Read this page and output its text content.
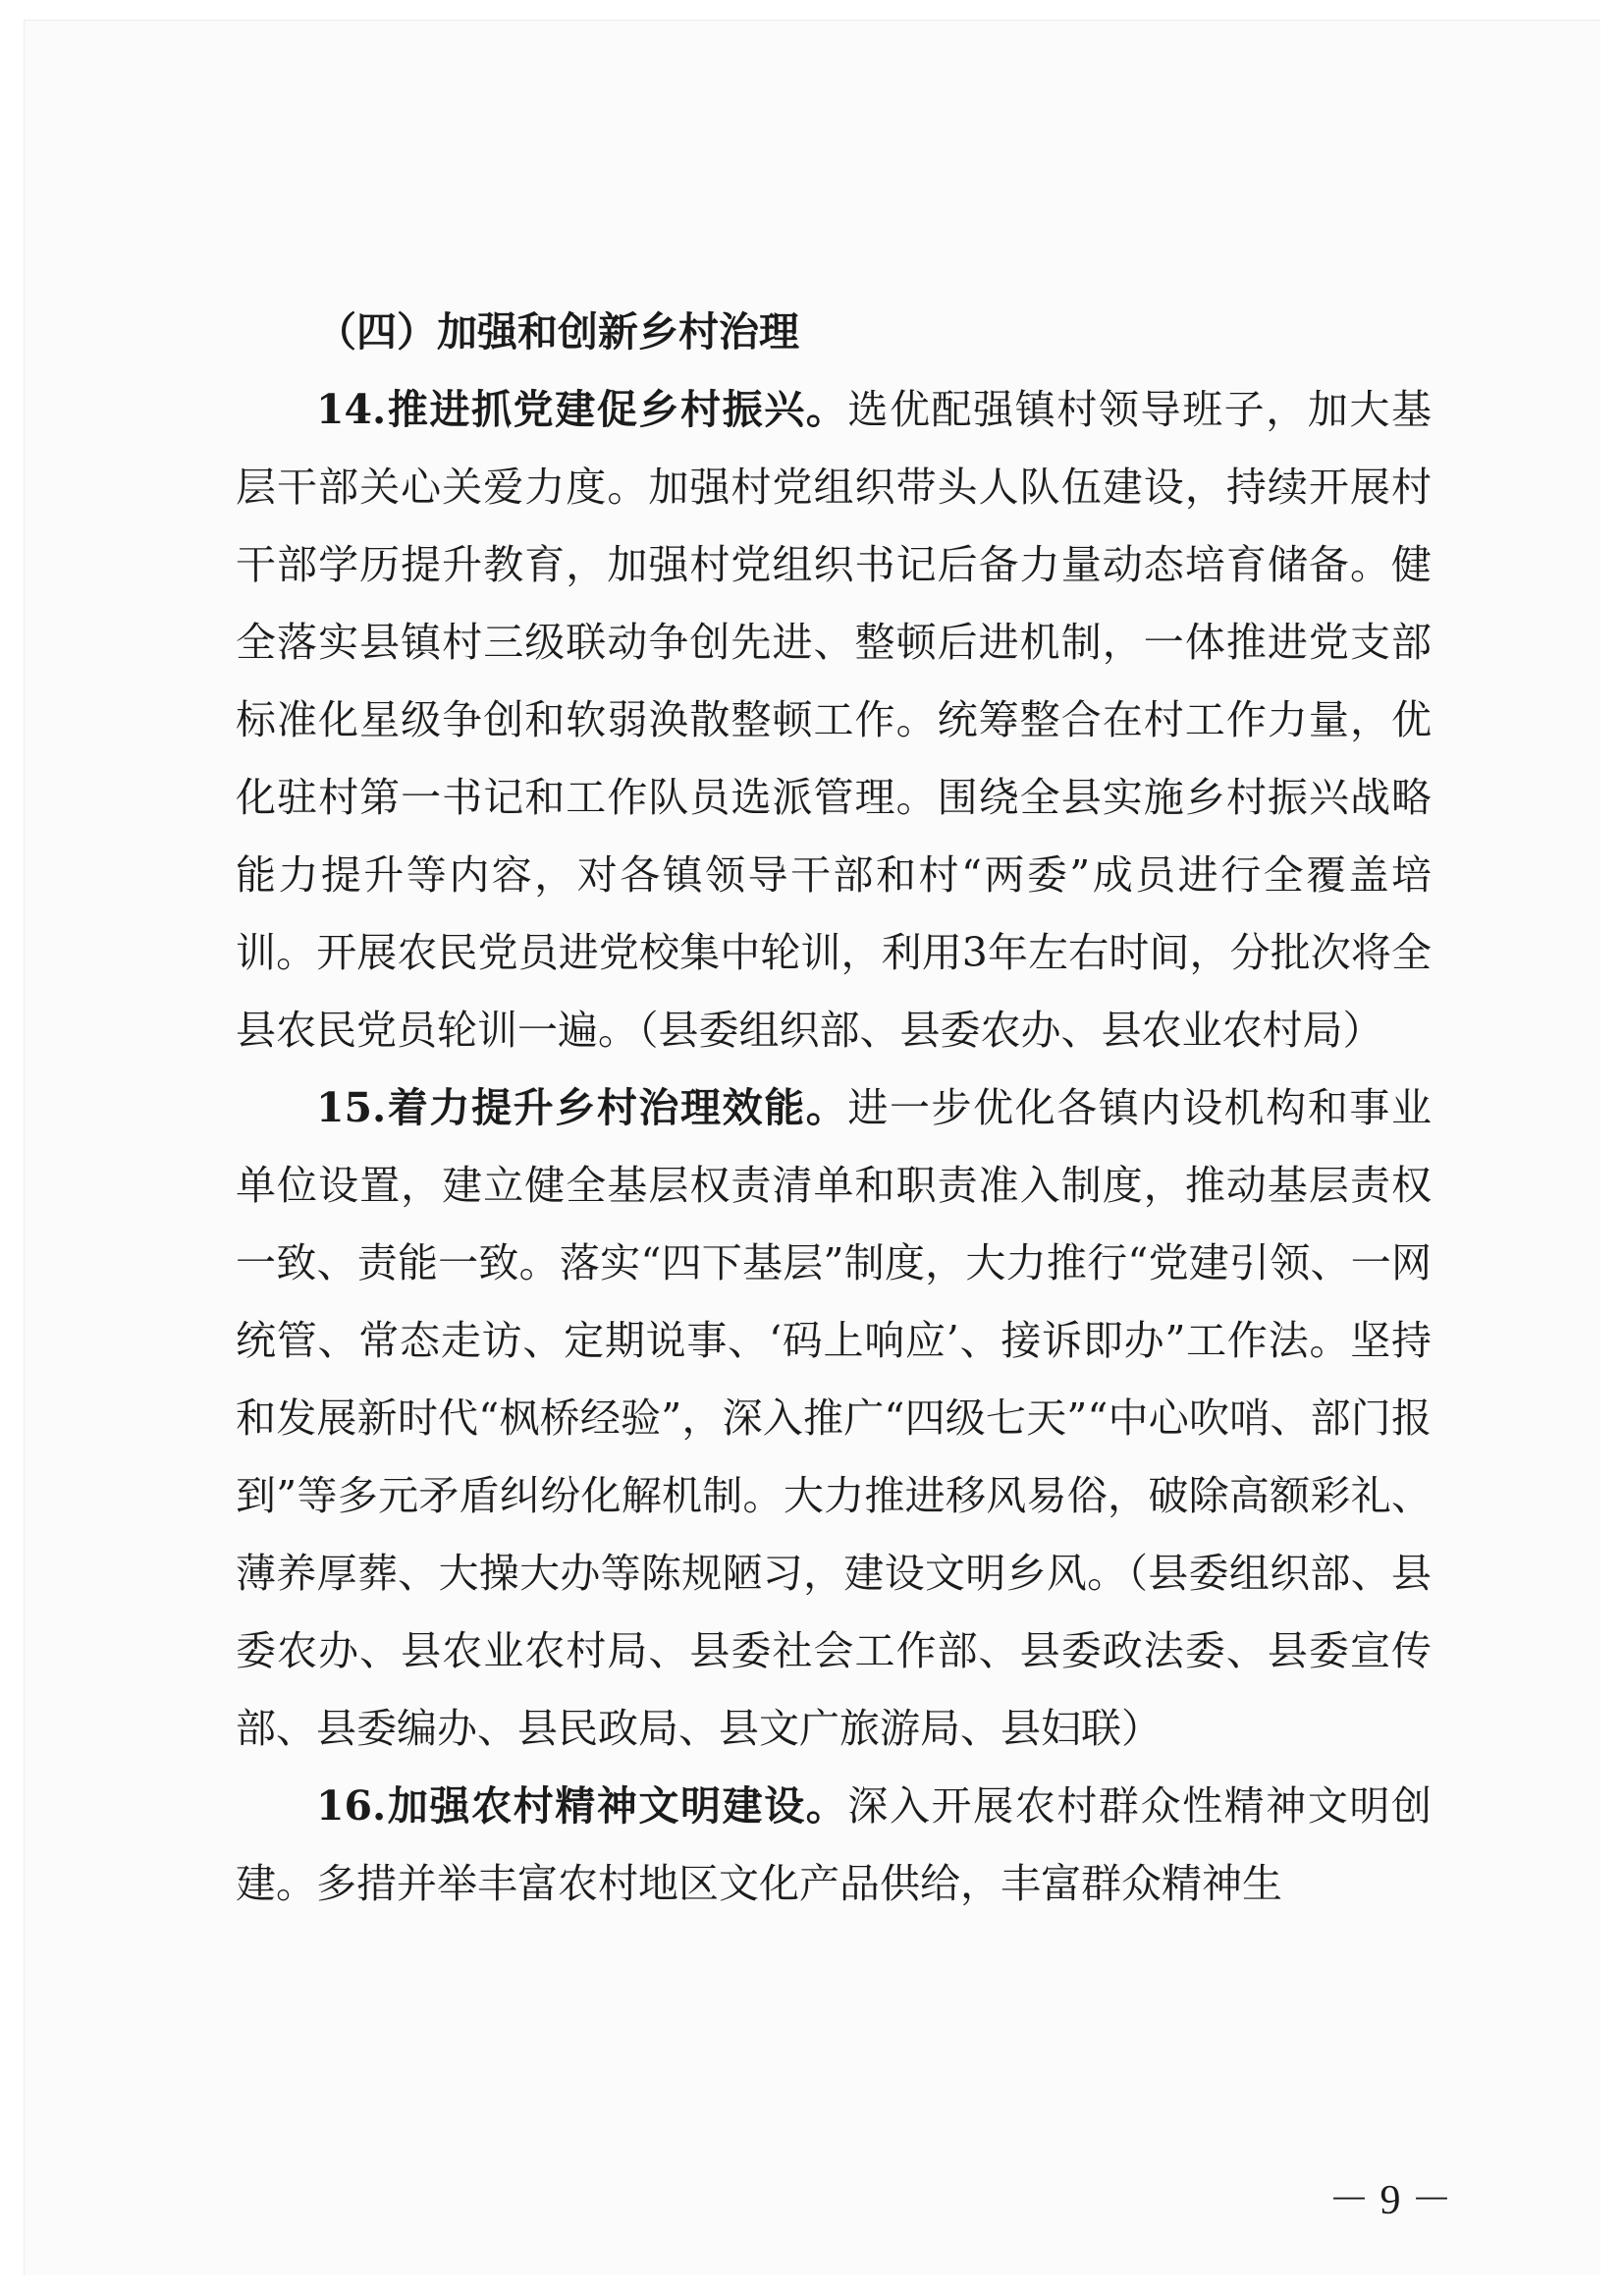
（四）加强和创新乡村治理

14.推进抓党建促乡村振兴。选优配强镇村领导班子，加大基层干部关心关爱力度。加强村党组织带头人队伍建设，持续开展村干部学历提升教育，加强村党组织书记后备力量动态培育储备。健全落实县镇村三级联动争创先进、整顿后进机制，一体推进党支部标准化星级争创和软弱涣散整顿工作。统筹整合在村工作力量，优化驻村第一书记和工作队员选派管理。围绕全县实施乡村振兴战略能力提升等内容，对各镇领导干部和村“两委”成员进行全覆盖培训。开展农民党员进党校集中轮训，利用3年左右时间，分批次将全县农民党员轮训一遍。（县委组织部、县委农办、县农业农村局）

15.着力提升乡村治理效能。进一步优化各镇内设机构和事业单位设置，建立健全基层权责清单和职责准入制度，推动基层责权一致、责能一致。落实“四下基层”制度，大力推行“党建引领、一网统管、常态走访、定期说事、‘码上响应’、接诉即办”工作法。坚持和发展新时代“枫桥经验”，深入推广“四级七天”“中心吹哨、部门报到”等多元矛盾纠纷化解机制。大力推进移风易俗，破除高额彩礼、薄养厚葬、大操大办等陈规陋习，建设文明乡风。（县委组织部、县委农办、县农业农村局、县委社会工作部、县委政法委、县委宣传部、县委编办、县民政局、县文广旅游局、县妇联）

16.加强农村精神文明建设。深入开展农村群众性精神文明创建。多措并举丰富农村地区文化产品供给，丰富群众精神生

－ 9 －
